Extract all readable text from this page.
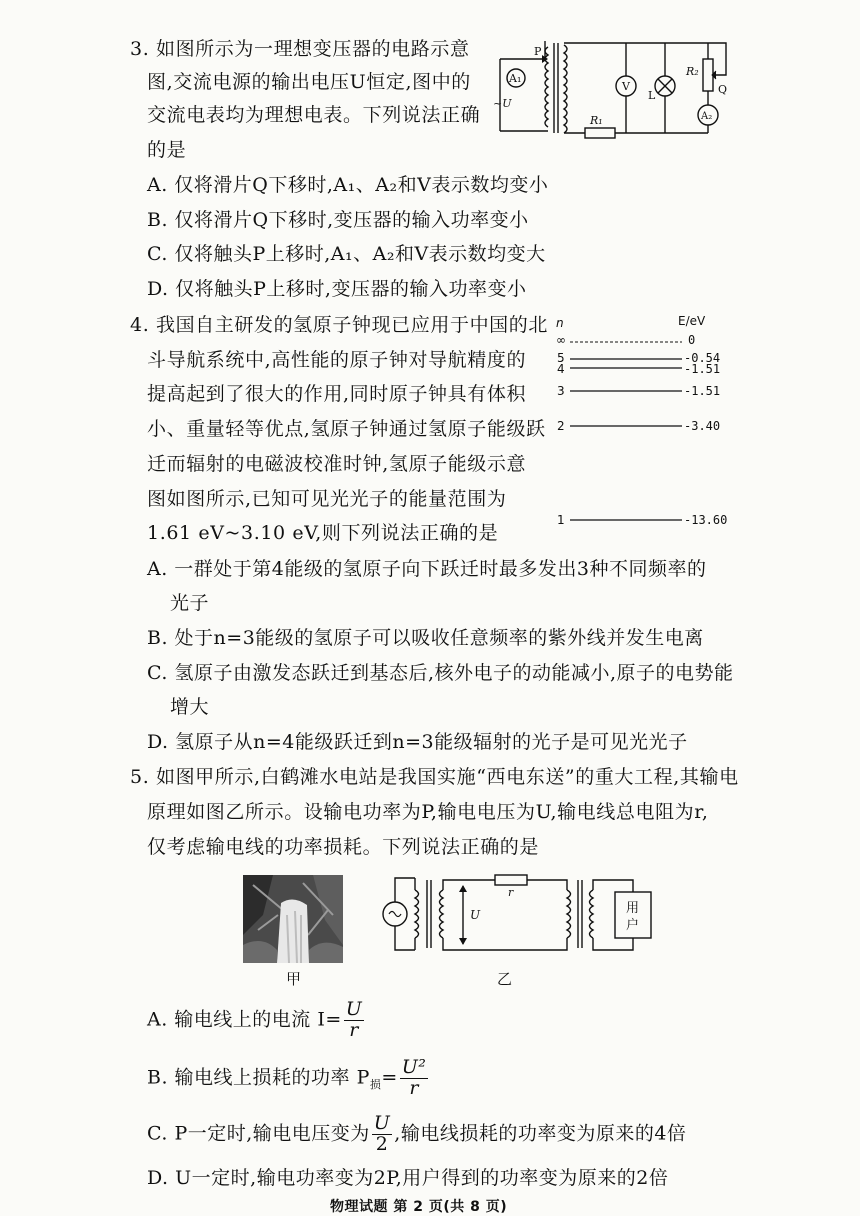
3. 如图所示为一理想变压器的电路示意
图,交流电源的输出电压U恒定,图中的
交流电表均为理想电表。下列说法正确
的是
A₁
P
~U
V
L
R₂
Q
A₂
R₁
A. 仅将滑片Q下移时,A₁、A₂和V表示数均变小
B. 仅将滑片Q下移时,变压器的输入功率变小
C. 仅将触头P上移时,A₁、A₂和V表示数均变大
D. 仅将触头P上移时,变压器的输入功率变小
4. 我国自主研发的氢原子钟现已应用于中国的北
斗导航系统中,高性能的原子钟对导航精度的
提高起到了很大的作用,同时原子钟具有体积
小、重量轻等优点,氢原子钟通过氢原子能级跃
迁而辐射的电磁波校准时钟,氢原子能级示意
图如图所示,已知可见光光子的能量范围为
1.61 eV~3.10 eV,则下列说法正确的是
n	E/eV
∞	0
5	-0.54
4	-1.51
3	-1.51
2	-3.40
1	-13.60
A. 一群处于第4能级的氢原子向下跃迁时最多发出3种不同频率的
光子
B. 处于n=3能级的氢原子可以吸收任意频率的紫外线并发生电离
C. 氢原子由激发态跃迁到基态后,核外电子的动能减小,原子的电势能
增大
D. 氢原子从n=4能级跃迁到n=3能级辐射的光子是可见光光子
5. 如图甲所示,白鹤滩水电站是我国实施“西电东送”的重大工程,其输电
原理如图乙所示。设输电功率为P,输电电压为U,输电线总电阻为r,
仅考虑输电线的功率损耗。下列说法正确的是
甲
U
r
用
户
乙
A. 输电线上的电流 $I= \frac{U}{r}$
B. 输电线上损耗的功率 $P_损= \frac{\text{U²}}{r}$
C. P一定时,输电电压变为 $\frac{U}{2}$ ,输电线损耗的功率变为原来的4倍
D. U一定时,输电功率变为2P,用户得到的功率变为原来的2倍
物理试题 第 2 页(共 8 页)
